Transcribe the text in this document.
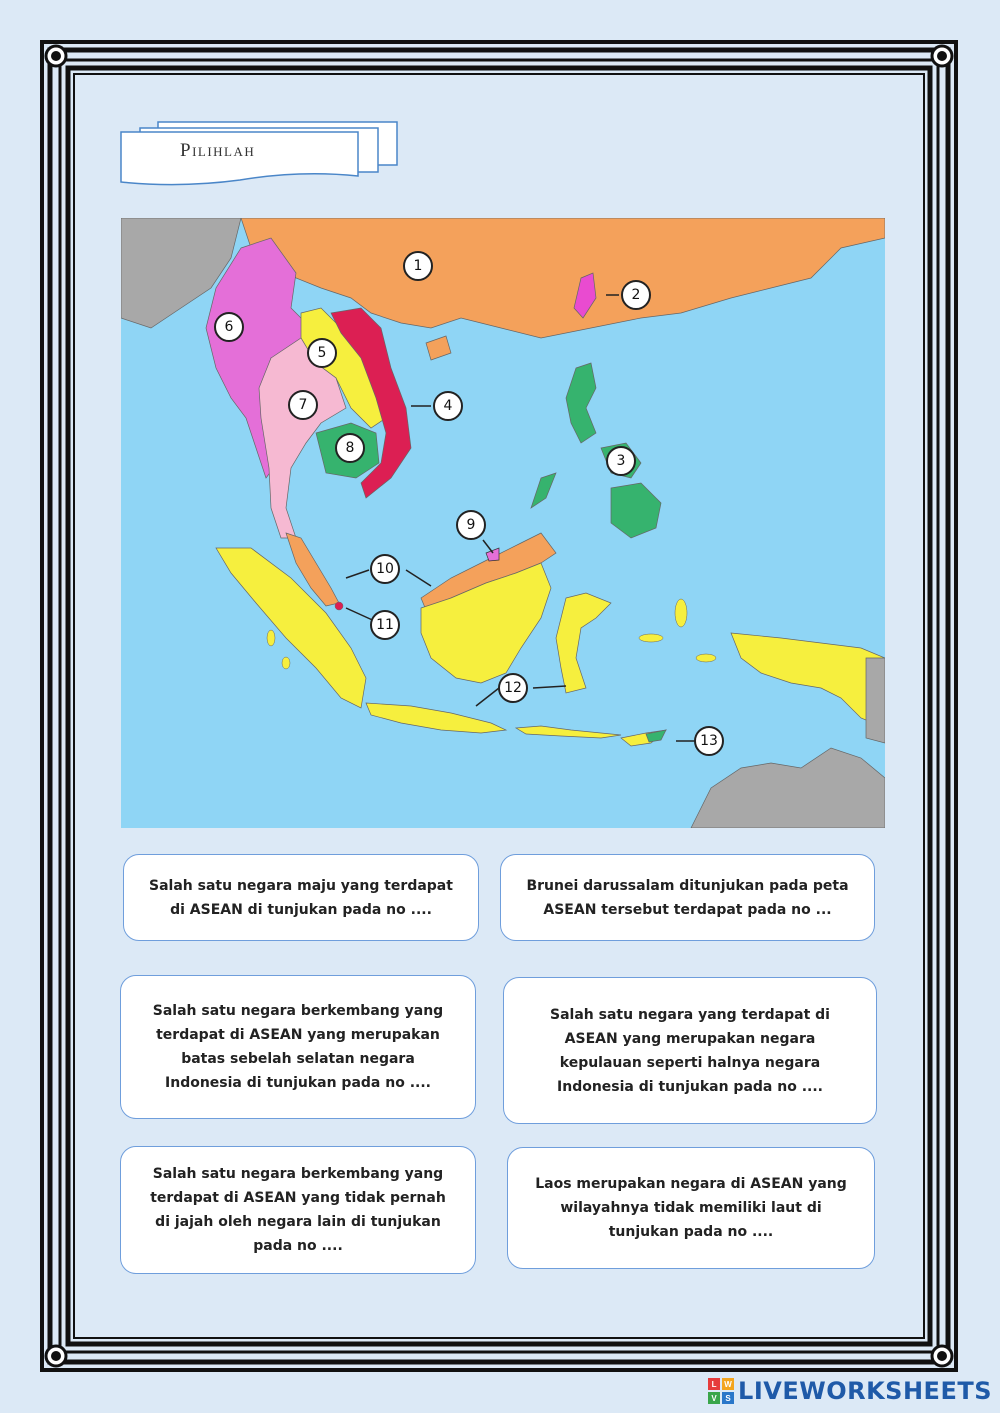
Pilihlah
1
2
3
4
5
6
7
8
9
10
11
12
13
Salah satu negara maju yang terdapat di ASEAN di tunjukan pada no ....
Brunei darussalam ditunjukan pada peta ASEAN tersebut terdapat pada no ...
Salah satu negara berkembang yang terdapat di ASEAN yang merupakan batas sebelah selatan negara Indonesia di tunjukan pada no ....
Salah satu negara yang terdapat di ASEAN yang merupakan negara kepulauan seperti halnya negara Indonesia di tunjukan pada no ....
Salah satu negara berkembang yang terdapat di ASEAN yang tidak pernah di jajah oleh negara lain di tunjukan pada no ....
Laos merupakan negara di ASEAN yang wilayahnya tidak memiliki laut di tunjukan pada no ....
L W
V	S LIVEWORKSHEETS
